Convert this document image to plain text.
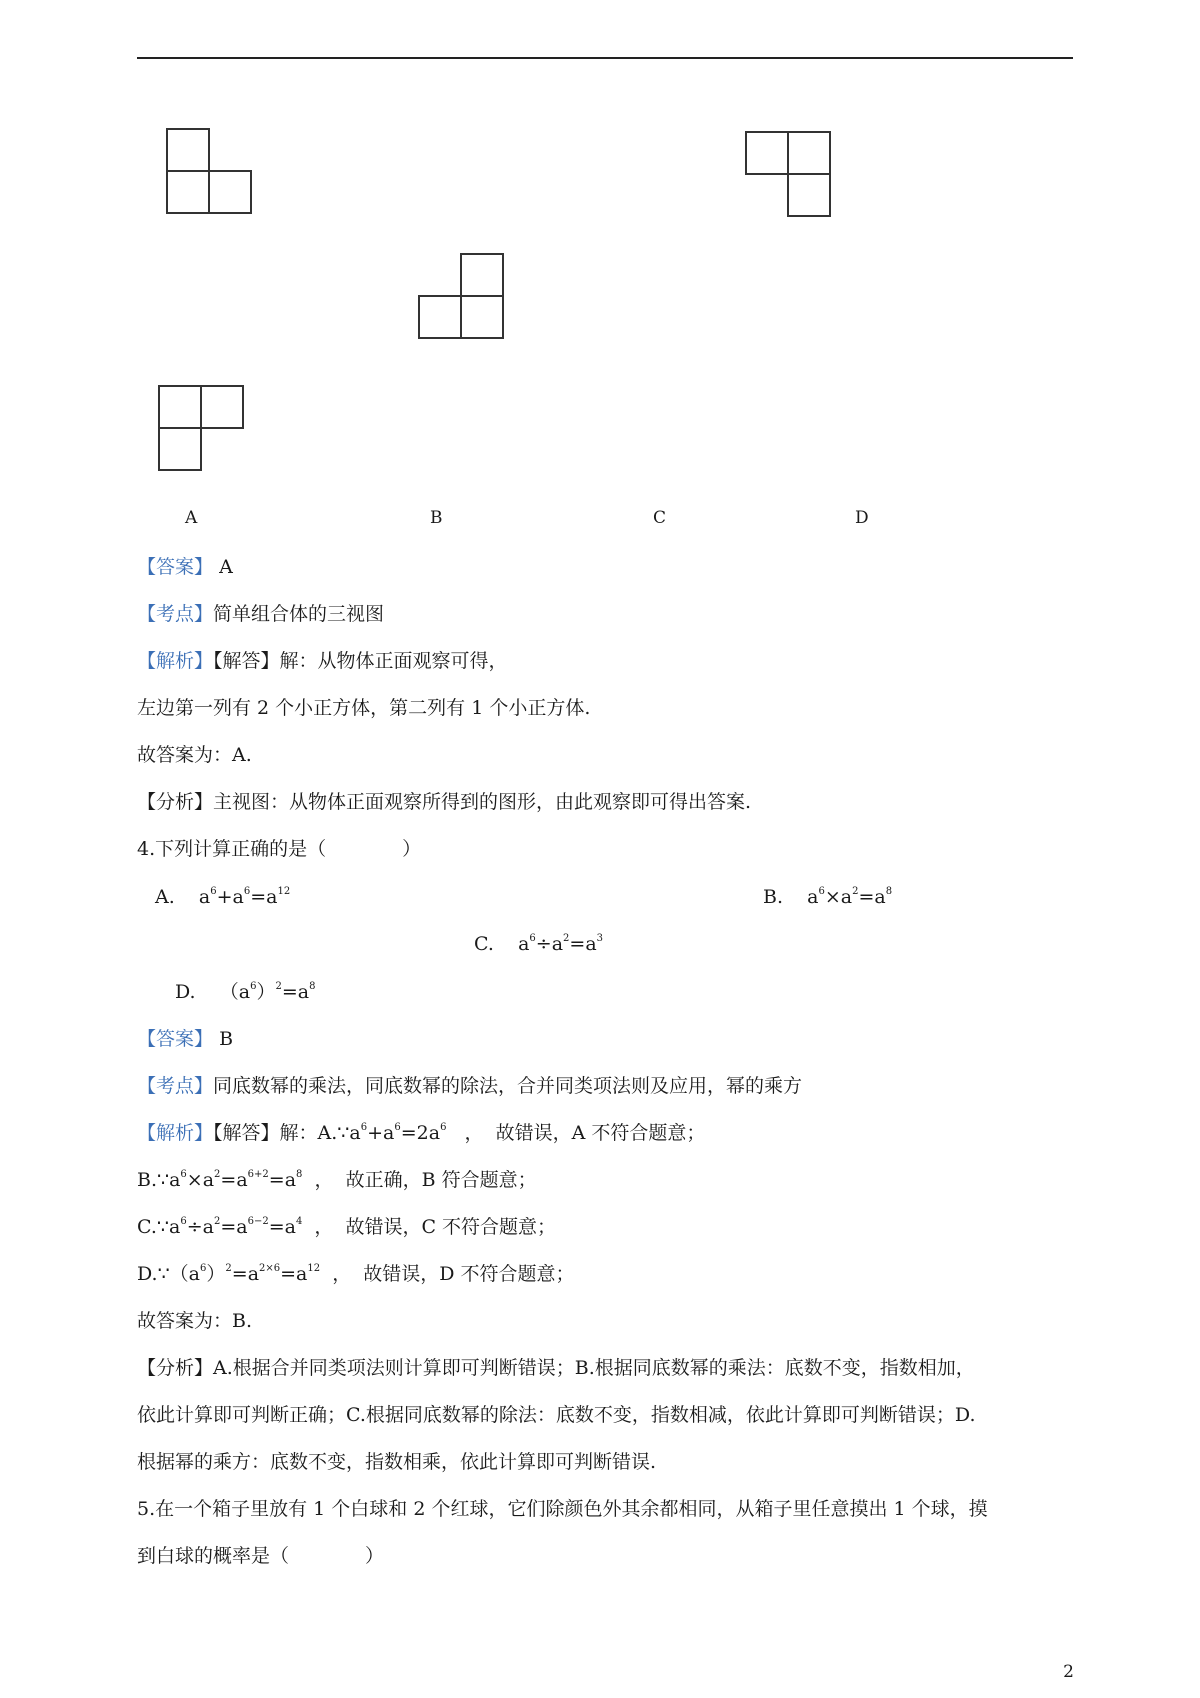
A	B	C	D
【答案】 A
【考点】简单组合体的三视图
【解析】【解答】解：从物体正面观察可得，
左边第一列有 2 个小正方体，第二列有 1 个小正方体.
故答案为：A.
【分析】主视图：从物体正面观察所得到的图形，由此观察即可得出答案.
4.下列计算正确的是（　　　　）
A.    $a^6+a^6=a^{12}$	B.    $a^6\times a^2=a^8$
C.    $a^6\div a^2=a^3$
D.    $(a^6)^2=a^8$
【答案】 B
【考点】同底数幂的乘法，同底数幂的除法，合并同类项法则及应用，幂的乘方
【解析】【解答】解：$A.\because a^6+a^6=2a^6$   ，  故错误，A 不符合题意；
$B.\because a^6\times a^2=a^{6+2}=a^8$  ，  故正确，B 符合题意；
$C.\because a^6\div a^2=a^{6-2}=a^4$  ，  故错误，C 不符合题意；
$D.\because(a^6)^2=a^{2\times 6}=a^{12}$  ，  故错误，D 不符合题意；
故答案为：B.
【分析】A.根据合并同类项法则计算即可判断错误；B.根据同底数幂的乘法：底数不变，指数相加，
依此计算即可判断正确；C.根据同底数幂的除法：底数不变，指数相减，依此计算即可判断错误；D.
根据幂的乘方：底数不变，指数相乘，依此计算即可判断错误.
5.在一个箱子里放有 1 个白球和 2 个红球，它们除颜色外其余都相同，从箱子里任意摸出 1 个球，摸
到白球的概率是（　　　　）
2
